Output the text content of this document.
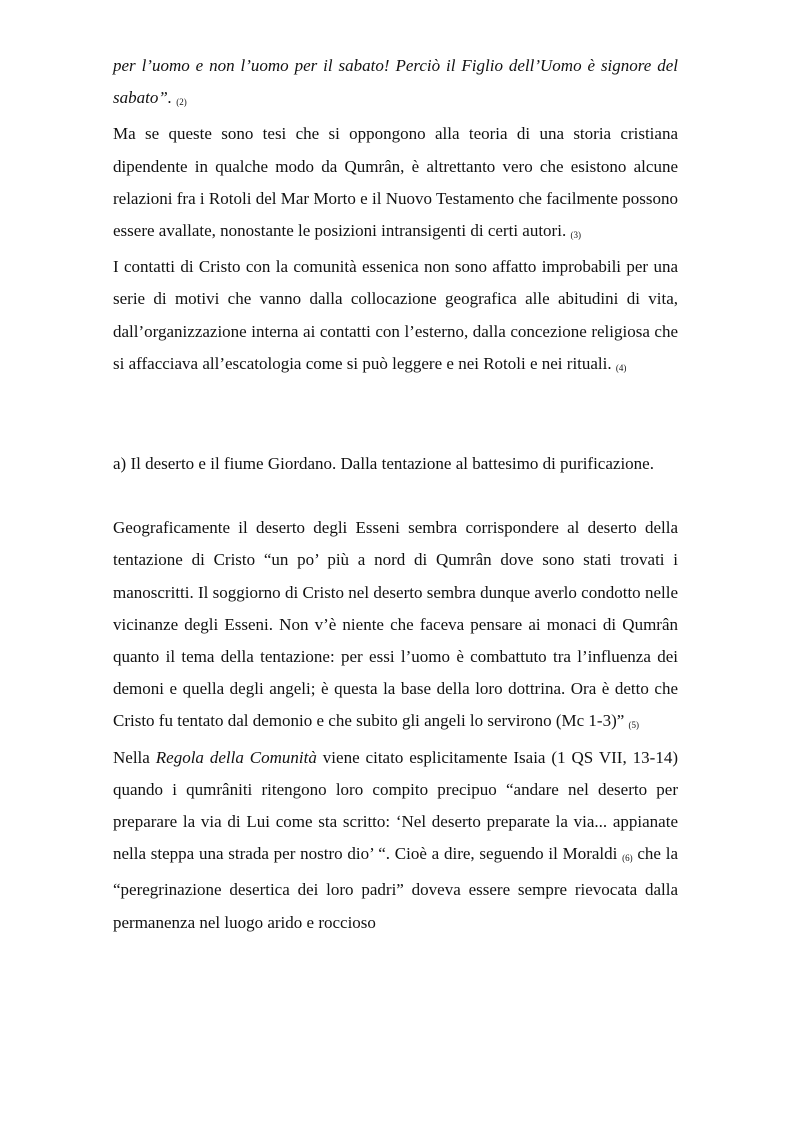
per l’uomo e non l’uomo per il sabato! Perciò il Figlio dell’Uomo è signore del sabato”. (2)

Ma se queste sono tesi che si oppongono alla teoria di una storia cristiana dipendente in qualche modo da Qumrân, è altrettanto vero che esistono alcune relazioni fra i Rotoli del Mar Morto e il Nuovo Testamento che facilmente possono essere avallate, nonostante le posizioni intransigenti di certi autori. (3)

I contatti di Cristo con la comunità essenica non sono affatto improbabili per una serie di motivi che vanno dalla collocazione geografica alle abitudini di vita, dall’organizzazione interna ai contatti con l’esterno, dalla concezione religiosa che si affacciava all’escatologia come si può leggere e nei Rotoli e nei rituali. (4)

a) Il deserto e il fiume Giordano. Dalla tentazione al battesimo di purificazione.

Geograficamente il deserto degli Esseni sembra corrispondere al deserto della tentazione di Cristo “un po’ più a nord di Qumrân dove sono stati trovati i manoscritti. Il soggiorno di Cristo nel deserto sembra dunque averlo condotto nelle vicinanze degli Esseni. Non v’è niente che faceva pensare ai monaci di Qumrân quanto il tema della tentazione: per essi l’uomo è combattuto tra l’influenza dei demoni e quella degli angeli; è questa la base della loro dottrina. Ora è detto che Cristo fu tentato dal demonio e che subito gli angeli lo servirono (Mc 1-3)” (5)

Nella Regola della Comunità viene citato esplicitamente Isaia (1 QS VII, 13-14) quando i qumrâniti ritengono loro compito precipuo “andare nel deserto per preparare la via di Lui come sta scritto: ‘Nel deserto preparate la via... appianate nella steppa una strada per nostro dio’ “. Cioè a dire, seguendo il Moraldi (6) che la “peregrinazione desertica dei loro padri” doveva essere sempre rievocata dalla permanenza nel luogo arido e roccioso
